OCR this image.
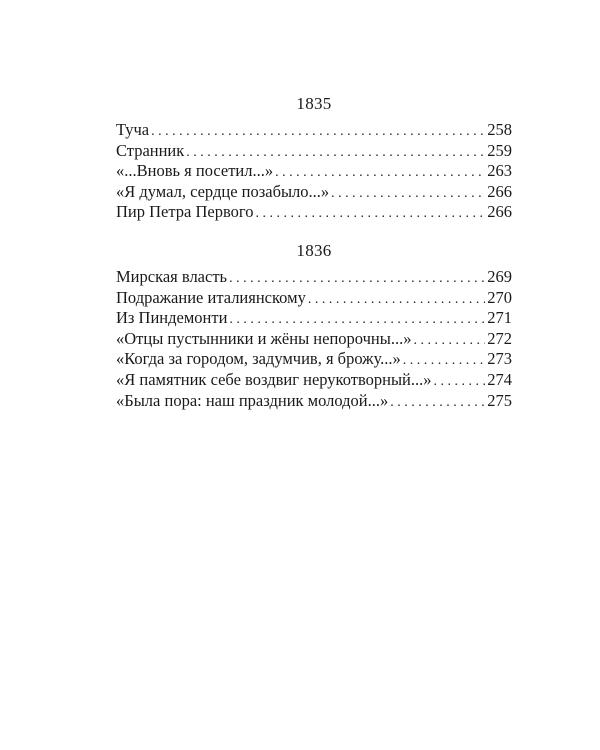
1835
Туча . . .	258
Странник . . .	259
«...Вновь я посетил...» . . .	263
«Я думал, сердце позабыло...» . . .	266
Пир Петра Первого . . .	266
1836
Мирская власть . . .	269
Подражание италиянскому . . .	270
Из Пиндемонти . . .	271
«Отцы пустынники и жёны непорочны...» . . .	272
«Когда за городом, задумчив, я брожу...» . . .	273
«Я памятник себе воздвиг нерукотворный...» . . .	274
«Была пора: наш праздник молодой...» . . .	275
